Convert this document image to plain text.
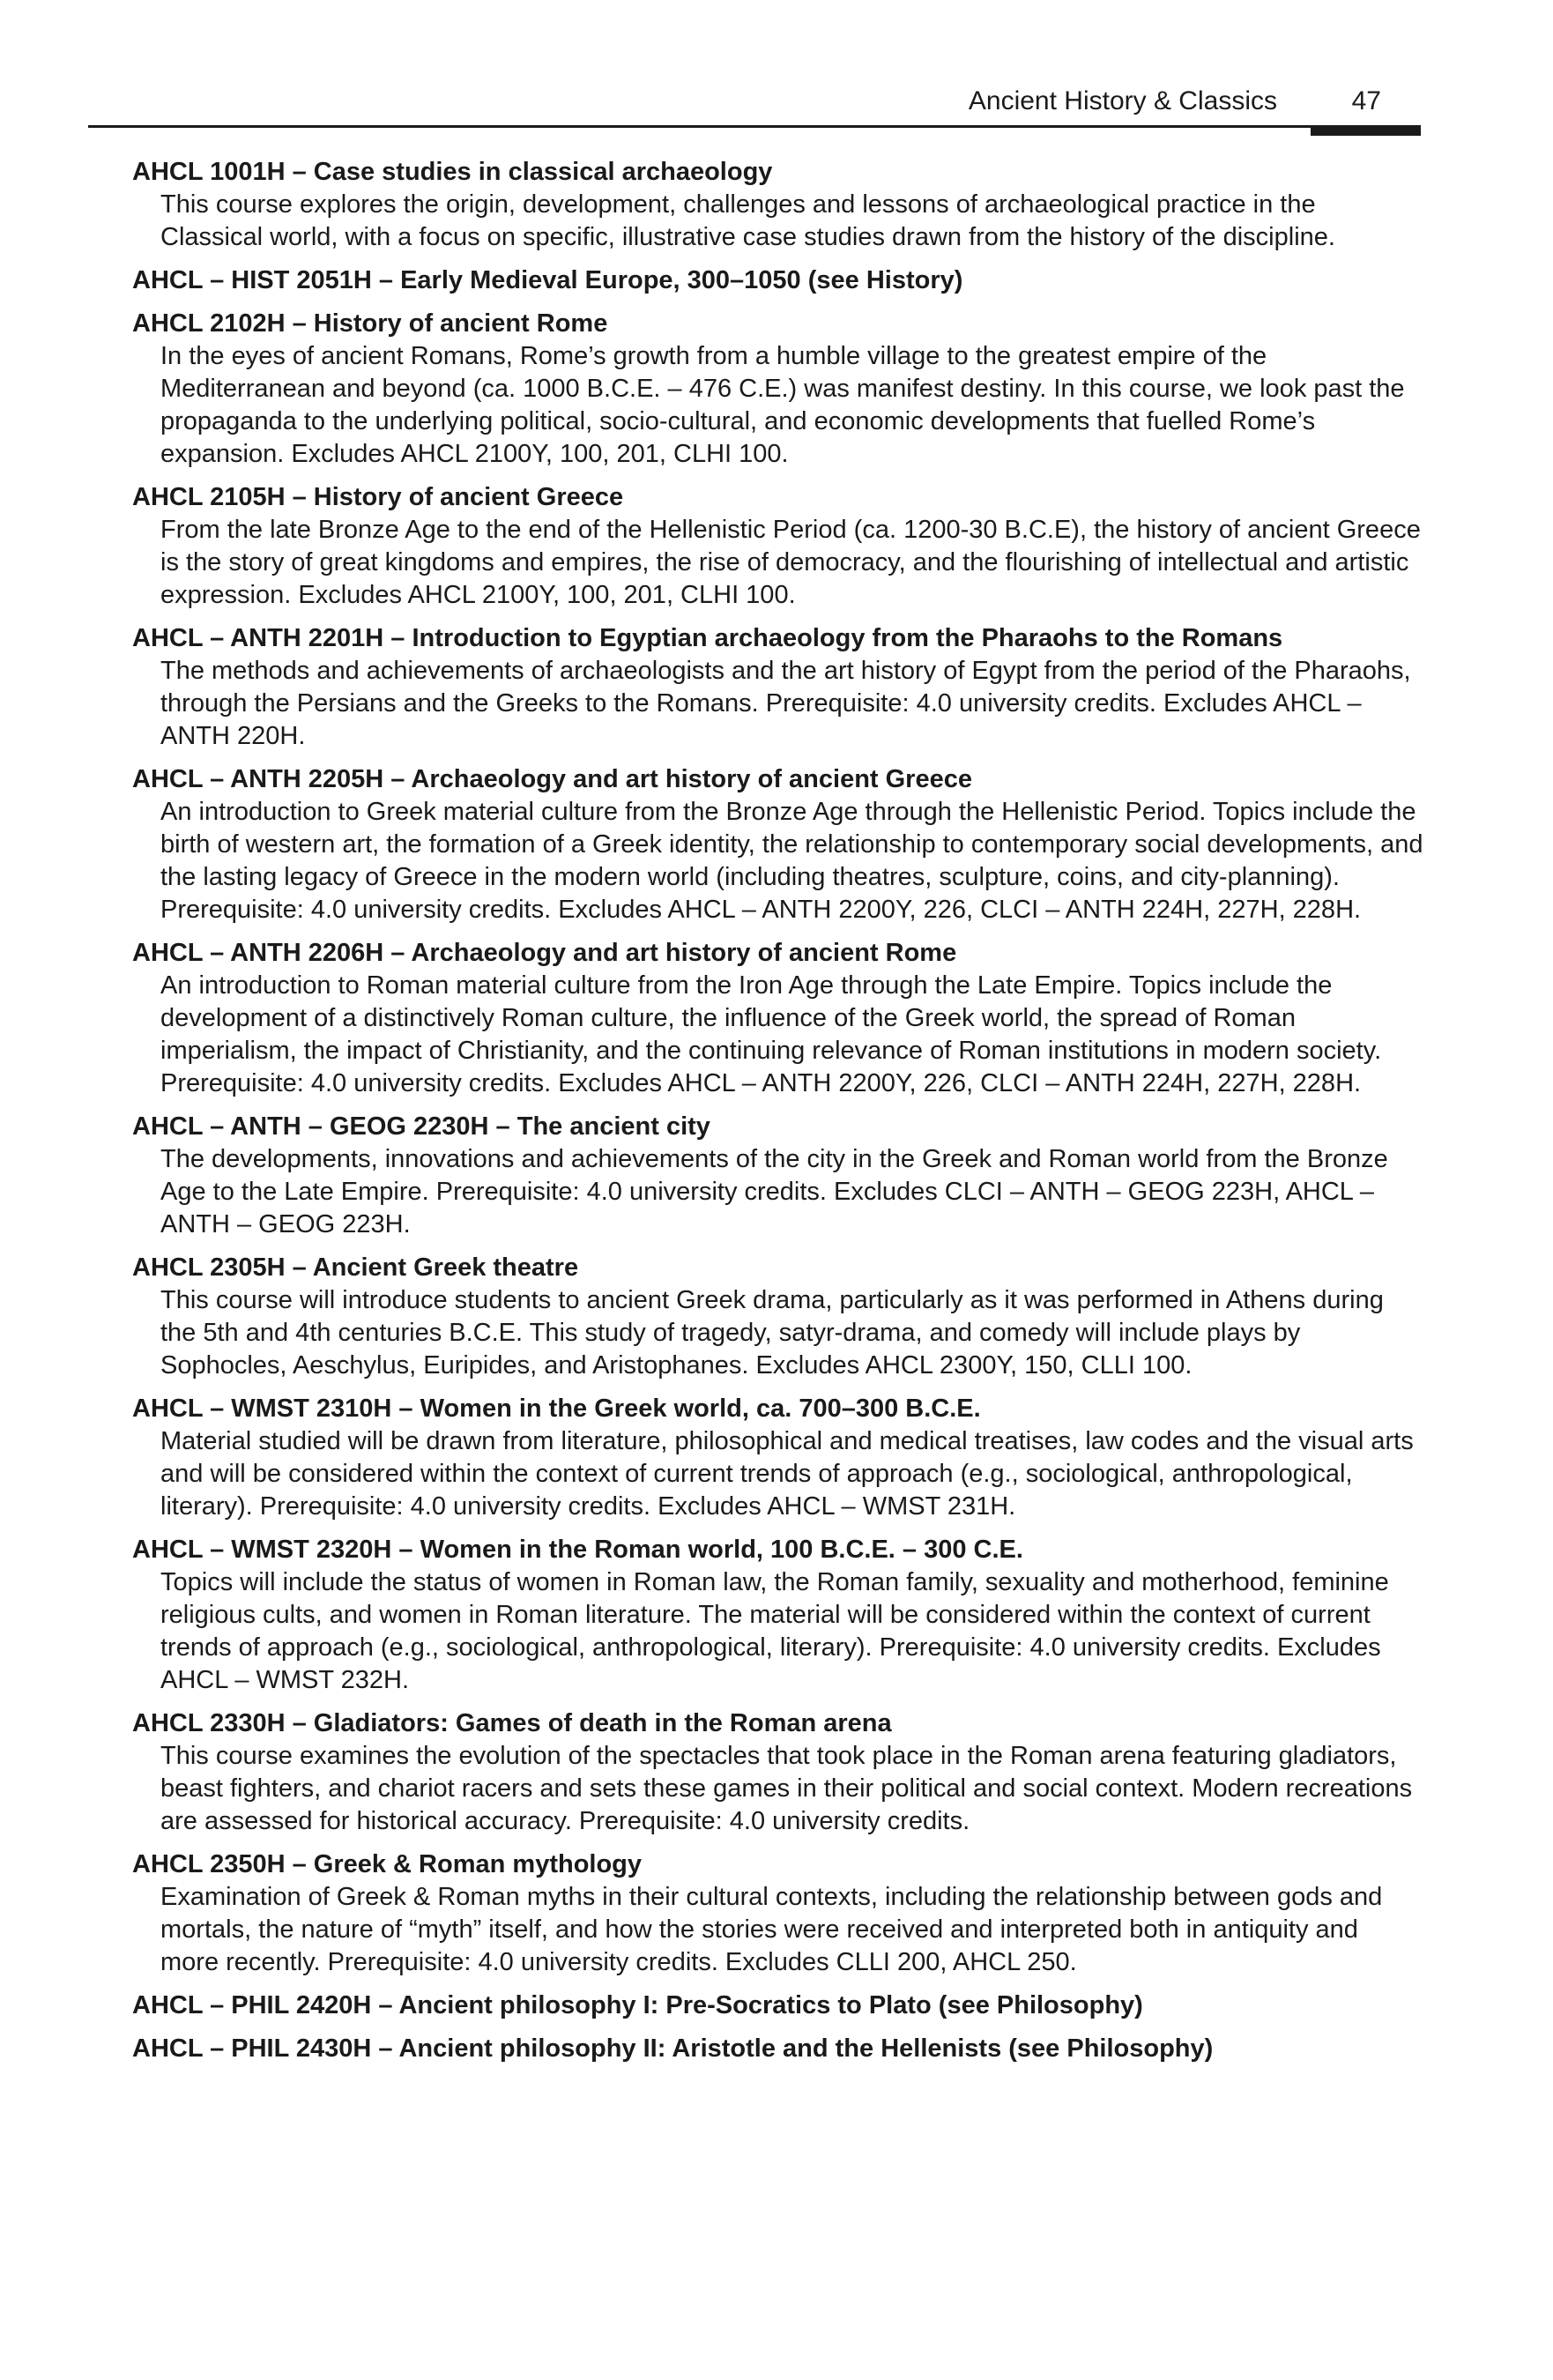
Ancient History & Classics	47

AHCL 1001H – Case studies in classical archaeology

This course explores the origin, development, challenges and lessons of archaeological practice in the Classical world, with a focus on specific, illustrative case studies drawn from the history of the discipline.

AHCL – HIST 2051H – Early Medieval Europe, 300–1050 (see History)

AHCL 2102H – History of ancient Rome

In the eyes of ancient Romans, Rome’s growth from a humble village to the greatest empire of the Mediterranean and beyond (ca. 1000 B.C.E. – 476 C.E.) was manifest destiny. In this course, we look past the propaganda to the underlying political, socio-cultural, and economic developments that fuelled Rome’s expansion. Excludes AHCL 2100Y, 100, 201, CLHI 100.

AHCL 2105H – History of ancient Greece

From the late Bronze Age to the end of the Hellenistic Period (ca. 1200-30 B.C.E), the history of ancient Greece is the story of great kingdoms and empires, the rise of democracy, and the flourishing of intellectual and artistic expression. Excludes AHCL 2100Y, 100, 201, CLHI 100.

AHCL – ANTH 2201H – Introduction to Egyptian archaeology from the Pharaohs to the Romans

The methods and achievements of archaeologists and the art history of Egypt from the period of the Pharaohs, through the Persians and the Greeks to the Romans. Prerequisite: 4.0 university credits. Excludes AHCL – ANTH 220H.

AHCL – ANTH 2205H – Archaeology and art history of ancient Greece

An introduction to Greek material culture from the Bronze Age through the Hellenistic Period. Topics include the birth of western art, the formation of a Greek identity, the relationship to contemporary social developments, and the lasting legacy of Greece in the modern world (including theatres, sculpture, coins, and city-planning). Prerequisite: 4.0 university credits. Excludes AHCL – ANTH 2200Y, 226, CLCI – ANTH 224H, 227H, 228H.

AHCL – ANTH 2206H – Archaeology and art history of ancient Rome

An introduction to Roman material culture from the Iron Age through the Late Empire. Topics include the development of a distinctively Roman culture, the influence of the Greek world, the spread of Roman imperialism, the impact of Christianity, and the continuing relevance of Roman institutions in modern society. Prerequisite: 4.0 university credits. Excludes AHCL – ANTH 2200Y, 226, CLCI – ANTH 224H, 227H, 228H.

AHCL – ANTH – GEOG 2230H – The ancient city

The developments, innovations and achievements of the city in the Greek and Roman world from the Bronze Age to the Late Empire. Prerequisite: 4.0 university credits. Excludes CLCI – ANTH – GEOG 223H, AHCL – ANTH – GEOG 223H.

AHCL 2305H – Ancient Greek theatre

This course will introduce students to ancient Greek drama, particularly as it was performed in Athens during the 5th and 4th centuries B.C.E. This study of tragedy, satyr-drama, and comedy will include plays by Sophocles, Aeschylus, Euripides, and Aristophanes. Excludes AHCL 2300Y, 150, CLLI 100.

AHCL – WMST 2310H – Women in the Greek world, ca. 700–300 B.C.E.

Material studied will be drawn from literature, philosophical and medical treatises, law codes and the visual arts and will be considered within the context of current trends of approach (e.g., sociological, anthropological, literary). Prerequisite: 4.0 university credits. Excludes AHCL – WMST 231H.

AHCL – WMST 2320H – Women in the Roman world, 100 B.C.E. – 300 C.E.

Topics will include the status of women in Roman law, the Roman family, sexuality and motherhood, feminine religious cults, and women in Roman literature. The material will be considered within the context of current trends of approach (e.g., sociological, anthropological, literary). Prerequisite: 4.0 university credits. Excludes AHCL – WMST 232H.

AHCL 2330H – Gladiators: Games of death in the Roman arena

This course examines the evolution of the spectacles that took place in the Roman arena featuring gladiators, beast fighters, and chariot racers and sets these games in their political and social context. Modern recreations are assessed for historical accuracy. Prerequisite: 4.0 university credits.

AHCL 2350H – Greek & Roman mythology

Examination of Greek & Roman myths in their cultural contexts, including the relationship between gods and mortals, the nature of “myth” itself, and how the stories were received and interpreted both in antiquity and more recently. Prerequisite: 4.0 university credits. Excludes CLLI 200, AHCL 250.

AHCL – PHIL 2420H – Ancient philosophy I: Pre-Socratics to Plato (see Philosophy)

AHCL – PHIL 2430H – Ancient philosophy II: Aristotle and the Hellenists (see Philosophy)
